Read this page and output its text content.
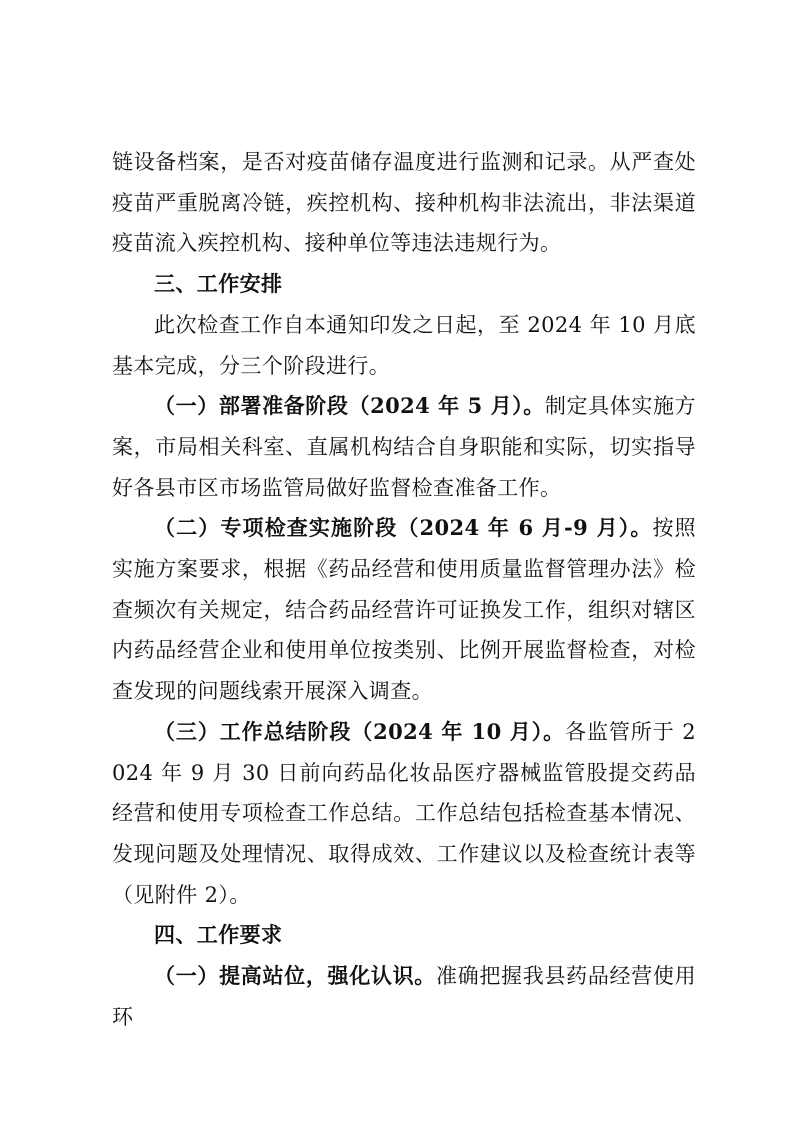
链设备档案，是否对疫苗储存温度进行监测和记录。从严查处疫苗严重脱离冷链，疾控机构、接种机构非法流出，非法渠道疫苗流入疾控机构、接种单位等违法违规行为。

三、工作安排

此次检查工作自本通知印发之日起，至 2024 年 10 月底基本完成，分三个阶段进行。

（一）部署准备阶段（2024 年 5 月）。制定具体实施方案，市局相关科室、直属机构结合自身职能和实际，切实指导好各县市区市场监管局做好监督检查准备工作。

（二）专项检查实施阶段（2024 年 6 月-9 月）。按照实施方案要求，根据《药品经营和使用质量监督管理办法》检查频次有关规定，结合药品经营许可证换发工作，组织对辖区内药品经营企业和使用单位按类别、比例开展监督检查，对检查发现的问题线索开展深入调查。

（三）工作总结阶段（2024 年 10 月）。各监管所于 2024 年 9 月 30 日前向药品化妆品医疗器械监管股提交药品经营和使用专项检查工作总结。工作总结包括检查基本情况、发现问题及处理情况、取得成效、工作建议以及检查统计表等（见附件 2）。

四、工作要求

（一）提高站位，强化认识。准确把握我县药品经营使用环
